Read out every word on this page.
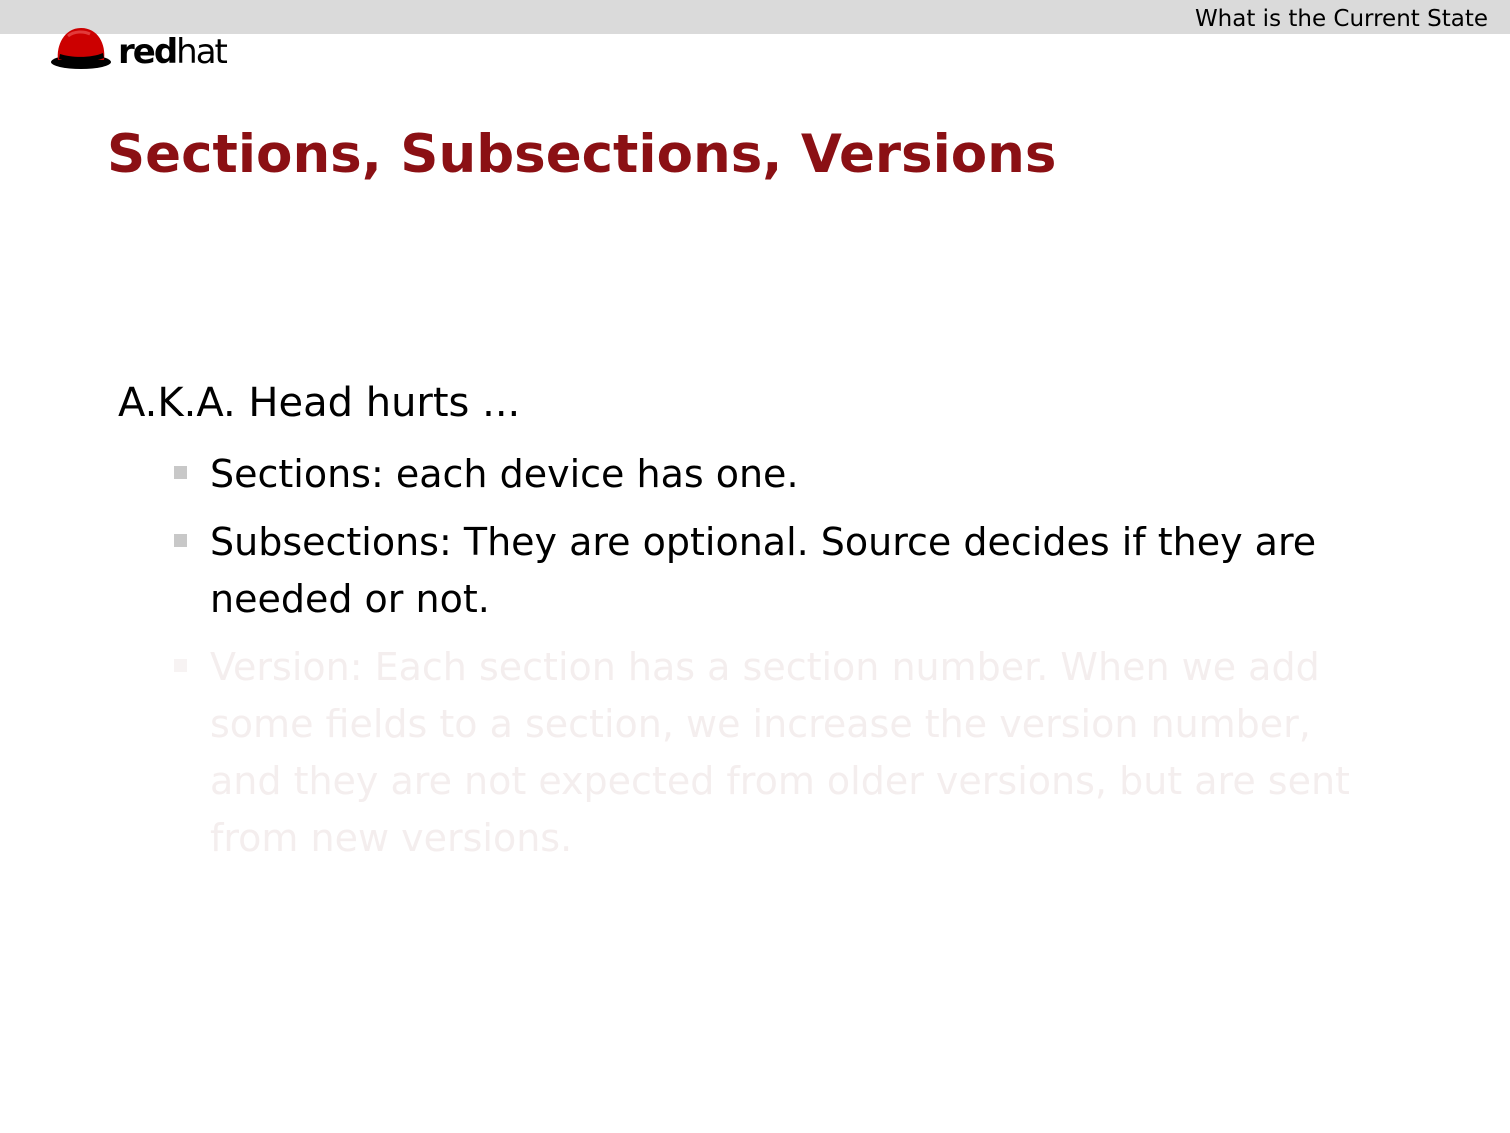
What is the Current State
redhat
Sections, Subsections, Versions

A.K.A. Head hurts ...

Sections: each device has one.
Subsections: They are optional. Source decides if they are needed or not.
Version: Each section has a section number. When we add some fields to a section, we increase the version number, and they are not expected from older versions, but are sent from new versions.
